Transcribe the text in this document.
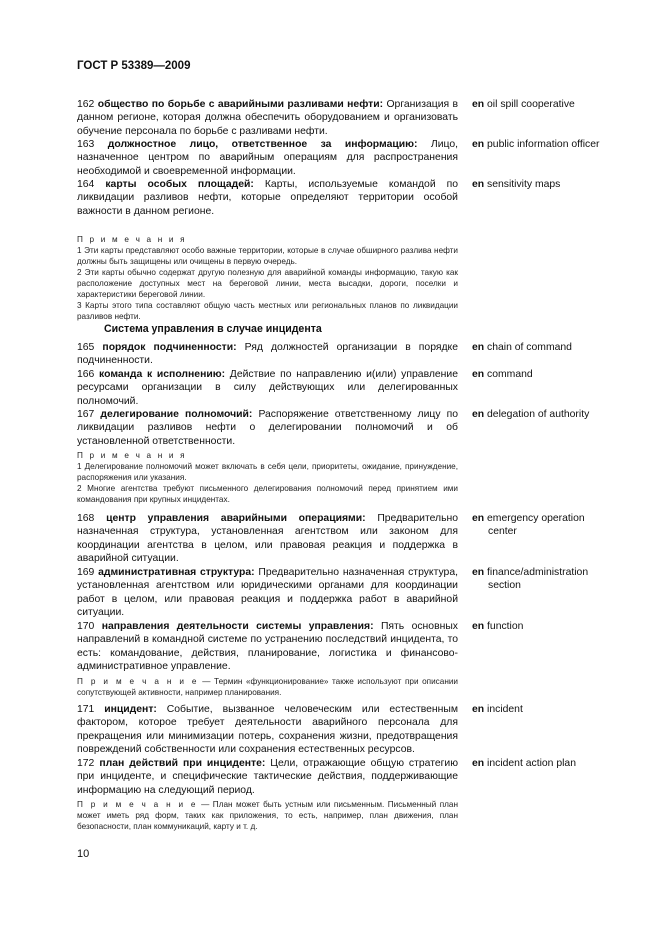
ГОСТ Р 53389—2009

162 общество по борьбе с аварийными разливами нефти: Организация в данном регионе, которая должна обеспечить оборудованием и организовать обучение персонала по борьбе с разливами нефти.

en oil spill cooperative

163 должностное лицо, ответственное за информацию: Лицо, назначенное центром по аварийным операциям для распространения необходимой и своевременной информации.

en public information officer

164 карты особых площадей: Карты, используемые командой по ликвидации разливов нефти, которые определяют территории особой важности в данном регионе.

en sensitivity maps

П р и м е ч а н и я

1 Эти карты представляют особо важные территории, которые в случае обширного разлива нефти должны быть защищены или очищены в первую очередь.

2 Эти карты обычно содержат другую полезную для аварийной команды информацию, такую как расположение доступных мест на береговой линии, места высадки, дороги, поселки и характеристики береговой линии.

3 Карты этого типа составляют общую часть местных или региональных планов по ликвидации разливов нефти.

Система управления в случае инцидента

165 порядок подчиненности: Ряд должностей организации в порядке подчиненности.

en chain of command

166 команда к исполнению: Действие по направлению и(или) управление ресурсами организации в силу действующих или делегированных полномочий.

en command

167 делегирование полномочий: Распоряжение ответственному лицу по ликвидации разливов нефти о делегировании полномочий и об установленной ответственности.

en delegation of authority

П р и м е ч а н и я

1 Делегирование полномочий может включать в себя цели, приоритеты, ожидание, принуждение, распоряжения или указания.

2 Многие агентства требуют письменного делегирования полномочий перед принятием ими командования при крупных инцидентах.

168 центр управления аварийными операциями: Предварительно назначенная структура, установленная агентством или законом для координации агентства в целом, или правовая реакция и поддержка в аварийной ситуации.

en emergency operation
center

169 административная структура: Предварительно назначенная структура, установленная агентством или юридическими органами для координации работ в целом, или правовая реакция и поддержка работ в аварийной ситуации.

en finance/administration
section

170 направления деятельности системы управления: Пять основных направлений в командной системе по устранению последствий инцидента, то есть: командование, действия, планирование, логистика и финансово-административное управление.

en function

П р и м е ч а н и е — Термин «функционирование» также используют при описании сопутствующей активности, например планирования.

171 инцидент: Событие, вызванное человеческим или естественным фактором, которое требует деятельности аварийного персонала для прекращения или минимизации потерь, сохранения жизни, предотвращения повреждений собственности или сохранения естественных ресурсов.

en incident

172 план действий при инциденте: Цели, отражающие общую стратегию при инциденте, и специфические тактические действия, поддерживающие информацию на следующий период.

en incident action plan

П р и м е ч а н и е — План может быть устным или письменным. Письменный план может иметь ряд форм, таких как приложения, то есть, например, план движения, план безопасности, план коммуникаций, карту и т. д.

10
